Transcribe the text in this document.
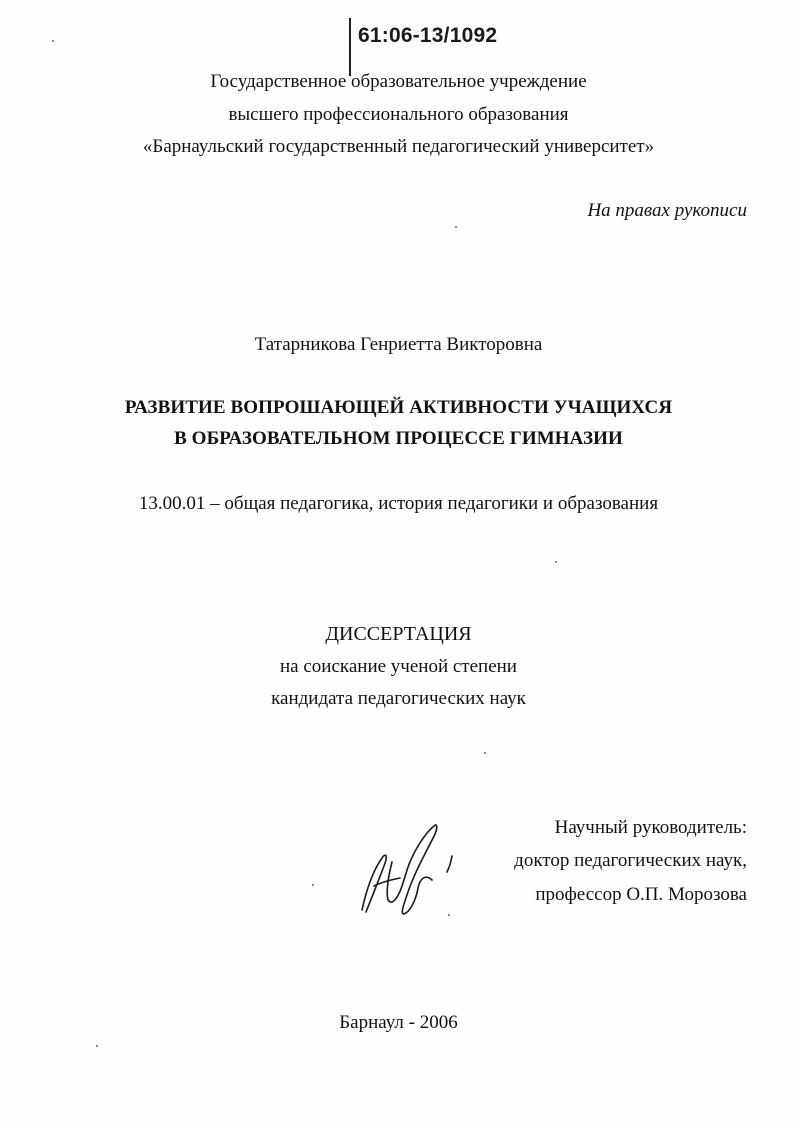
61:06-13/1092
Государственное образовательное учреждение
высшего профессионального образования
«Барнаульский государственный педагогический университет»
На правах рукописи
Татарникова Генриетта Викторовна
РАЗВИТИЕ ВОПРОШАЮЩЕЙ АКТИВНОСТИ УЧАЩИХСЯ
В ОБРАЗОВАТЕЛЬНОМ ПРОЦЕССЕ ГИМНАЗИИ
13.00.01 – общая педагогика, история педагогики и образования
ДИССЕРТАЦИЯ
на соискание ученой степени
кандидата педагогических наук
Научный руководитель:
доктор педагогических наук,
профессор О.П. Морозова
Барнаул - 2006
